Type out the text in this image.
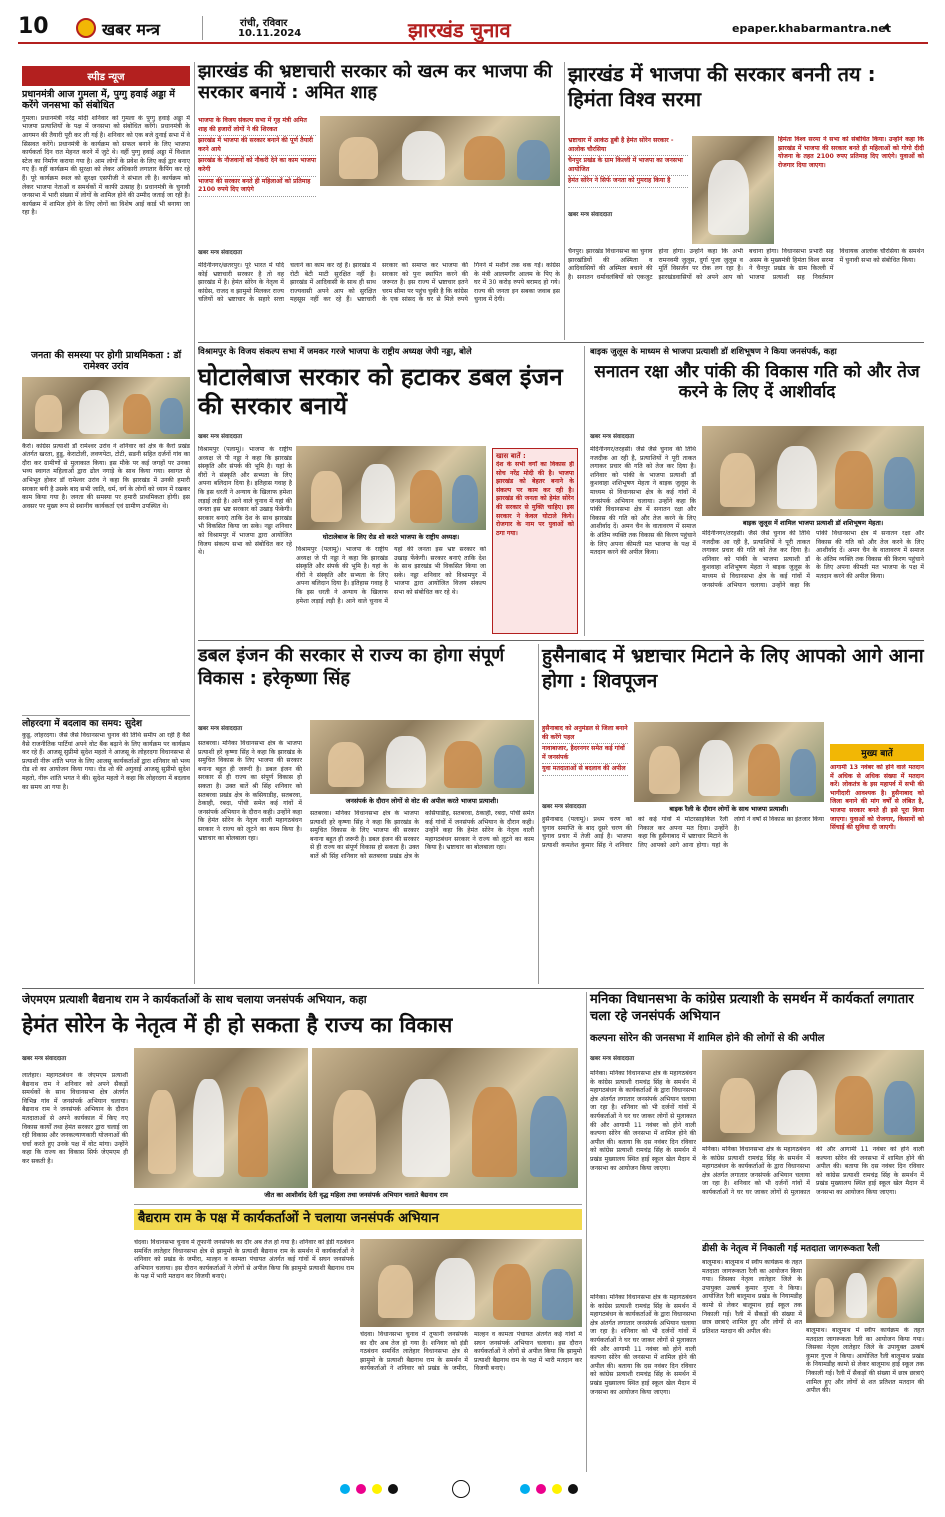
10	खबर मन्त्र	रांची, रविवार
10.11.2024	झारखंड चुनाव	epaper.khabarmantra.net
स्पीड न्यूज
प्रधानमंत्री आज गुमला में, पुग्गु हवाई अड्डा में करेंगे जनसभा को संबोधित
गुमला। प्रधानमंत्री नरेंद्र मोदी शनिवार को गुमला के पुग्गु हवाई अड्डा में भाजपा प्रत्याशियों के पक्ष में जनसभा को संबोधित करेंगे। प्रधानमंत्री के आगमन की तैयारी पूरी कर ली गई है। शनिवार को एक बजे दुनाई सभा में वे सिसवत करेंगे। प्रधानमंत्री के कार्यक्रम को सफल बनाने के लिए भाजपा कार्यकर्ता दिन रात मेहनत करने में जुटे थे। वहीं पुग्गु हवाई अड्डा में विशाल स्टेज का निर्माण कराया गया है। आम लोगों के प्रवेश के लिए कई द्वार बनाए गए हैं। वहीं कार्यक्रम की सुरक्षा को लेकर अधिकारी लगातार कैंपिंग कर रहे हैं। पूरे कार्यक्रम स्थल को सुरक्षा एसपीजी ने संभाल ली है। कार्यक्रम को लेकर भाजपा नेताओं व समर्थकों में काफी उत्साह है। प्रधानमंत्री के चुनावी जनसभा में भारी संख्या में लोगों के शामिल होने की उम्मीद जताई जा रही है। कार्यक्रम में शामिल होने के लिए लोगों का विशेष आई कार्ड भी बनाया जा रहा है।
जनता की समस्या पर होगी प्राथमिकता : डॉ रामेश्वर उरांव
कैरो। कांग्रेस प्रत्याशी डॉ रामेश्वर उरांव ने शनिवार को क्षेत्र के कैरो प्रखंड अंतर्गत खरता, हुडू, केराटोली, लवणपेटा, टोटी, सडनी सहित दर्जनों गांव का दौरा कर ग्रामीणों से मुलाकात किया। इस मौके पर कई जगहों पर उनका भव्य स्वागत महिलाओं द्वारा ढोल नगाड़े के साथ किया गया। स्वागत से अभिभूत होकर डॉ रामेश्वर उरांव ने कहा कि झारखंड में उनकी हमारी सरकार बनी है उसके बाद सभी जाति, धर्म, वर्ग के लोगों को ध्यान में रखकर काम किया गया है। जनता की समस्या पर हमारी प्राथमिकता होगी। इस अवसर पर मुख्य रूप से स्थानीय कार्यकर्ता एवं ग्रामीण उपस्थित थे।
लोहरदगा में बदलाव का समय: सुदेश
कुडू, लोहरदगा। जैसे जैसे विधानसभा चुनाव की तिथि समीप आ रही है वैसे वैसे राजनीतिक पार्टियां अपने वोट बैंक बढ़ाने के लिए कार्यक्रम पर कार्यक्रम कर रहे हैं। आजसू सुप्रीमो सुदेश महतो ने आजसू के लोहरदगा विधानसभा से प्रत्याशी नीरू शांति भगत के लिए आजसू कार्यकर्ताओं द्वारा शनिवार को भव्य रोड शो का आयोजन किया गया। रोड शो की अगुवाई आजसू सुप्रीमो सुदेश महतो, नीरू शांति भगत ने की। सुदेश महतो ने कहा कि लोहरदगा में बदलाव का समय आ गया है।
झारखंड की भ्रष्टाचारी सरकार को खत्म कर भाजपा की सरकार बनायें : अमित शाह
भाजपा के विजय संकल्प सभा में गृह मंत्री अमित शाह की हजारों लोगों ने की शिरकत
झारखंड में भाजपा की सरकार बनाने की पूर्ण तैयारी करने आये
झारखंड के नौजवानों को नौकरी देने का काम भाजपा करेगी
भाजपा की सरकार बनते ही महिलाओं को प्रतिमाह 2100 रुपये दिए जाएंगे
खबर मन्त्र संवाददाता
मेदिनीनगर/छतरपुर। पूरे भारत में यदि कोई भ्रष्टाचारी सरकार है तो वह झारखंड में है। हेमंत सोरेन के नेतृत्व में कांग्रेस, राजद व झामुमो मिलकर राज्य चलियों को भ्रष्टाचार के सहारे सत्ता चलाने का काम कर रहे हैं। झारखंड में रोटी बेटी माटी सुरक्षित नहीं है। झारखंड में आदिवासी के साथ ही साथ राज्यवासी अपने आप को सुरक्षित महसूस नहीं कर रहे हैं। भ्रष्टाचारी सरकार को समाप्त कर भाजपा की सरकार को पुनः स्थापित करने की जरूरत है। इस राज्य में भ्रष्टाचार इतने चरम सीमा पर पहुंच चुकी है कि कांग्रेस के एक सांसद के घर से मिले रुपये गिनने में मशीनें तक थक गईं। कांग्रेस के मंत्री आलमगीर आलम के पिए के घर में 30 करोड़ रुपये बरामद हो गये। राज्य की जनता इन सबका जवाब इस चुनाव में देगी।
झारखंड में भाजपा की सरकार बननी तय : हिमंता विश्व सरमा
भ्रष्टाचार में आकंठ डूबी है हेमंत सोरेन सरकार - आलोक चौरसिया
चैनपुर प्रखंड के ग्राम किल्ली में भाजपा का जनसभा आयोजित
हेमंत सोरेन ने सिर्फ जनता को गुमराह किया है
हिमंता विश्व सरमा ने सभा को संबोधित किया। उन्होंने कहा कि झारखंड में भाजपा की सरकार बनते ही महिलाओं को गोगो दीदी योजना के तहत 2100 रुपए प्रतिमाह दिए जाएंगे। युवाओं को रोजगार दिया जाएगा।
खबर मन्त्र संवाददाता
चैनपुर। झारखंड विधानसभा का चुनाव झारखंडियों की अस्मिता व आदिवासियों की अस्मिता बचाने की है। सनातन धर्मावलंबियों को एकजुट होना होगा। उन्होंने कहा कि अभी रामनवमी जुलूस, दुर्गा पूजा जुलूस व मूर्ति विसर्जन पर रोक लग रहा है। झारखंडवासियों को अपने आप को बचाना होगा। विधानसभा प्रभारी सह असम के मुख्यमंत्री हिमंता विश्व सरमा ने चैनपुर प्रखंड के ग्राम किल्ली में भाजपा प्रत्याशी सह निवर्तमान विधायक आलोक चौरसिया के समर्थन में चुनावी सभा को संबोधित किया।
विश्रामपुर के विजय संकल्प सभा में जमकर गरजे भाजपा के राष्ट्रीय अध्यक्ष जेपी नड्डा, बोले
घोटालेबाज सरकार को हटाकर डबल इंजन की सरकार बनायें
खबर मन्त्र संवाददाता
घोटालेबाज के लिए रोड शो करते भाजपा के राष्ट्रीय अध्यक्ष।
खास बातें :
देश के सभी वर्गों का विकास ही सोच नरेंद्र मोदी की है। भाजपा झारखंड को बेहतर बनाने के संकल्प पर काम कर रही है। झारखंड की जनता को हेमंत सोरेन की सरकार से मुक्ति चाहिए। इस सरकार ने केवल घोटाले किये। रोजगार के नाम पर युवाओं को ठगा गया।
विश्रामपुर (पलामू)। भाजपा के राष्ट्रीय अध्यक्ष जे पी नड्डा ने कहा कि झारखंड संस्कृति और संपर्क की भूमि है। यहां के वीरों ने संस्कृति और सभ्यता के लिए अपना बलिदान दिया है। इतिहास गवाह है कि इस धरती ने अन्याय के खिलाफ हमेशा लड़ाई लड़ी है। आने वाले चुनाव में यहां की जनता इस भ्रष्ट सरकार को उखाड़ फेंकेगी। सरकार बनाएं ताकि देश के साथ झारखंड भी विकसित किया जा सके। नड्डा शनिवार को विश्रामपुर में भाजपा द्वारा आयोजित विजय संकल्प सभा को संबोधित कर रहे थे।	विश्रामपुर (पलामू)। भाजपा के राष्ट्रीय अध्यक्ष जे पी नड्डा ने कहा कि झारखंड संस्कृति और संपर्क की भूमि है। यहां के वीरों ने संस्कृति और सभ्यता के लिए अपना बलिदान दिया है। इतिहास गवाह है कि इस धरती ने अन्याय के खिलाफ हमेशा लड़ाई लड़ी है। आने वाले चुनाव में यहां की जनता इस भ्रष्ट सरकार को उखाड़ फेंकेगी। सरकार बनाएं ताकि देश के साथ झारखंड भी विकसित किया जा सके। नड्डा शनिवार को विश्रामपुर में भाजपा द्वारा आयोजित विजय संकल्प सभा को संबोधित कर रहे थे।
बाइक जुलूस के माध्यम से भाजपा प्रत्याशी डॉ शशिभूषण ने किया जनसंपर्क, कहा
सनातन रक्षा और पांकी की विकास गति को और तेज करने के लिए दें आशीर्वाद
खबर मन्त्र संवाददाता
मेदिनीनगर/तरहसी। जैसे जैसे चुनाव की तिथि नजदीक आ रही है, प्रत्याशियों ने पूरी ताकत लगाकर प्रचार की गति को तेज कर दिया है। शनिवार को पांकी के भाजपा प्रत्याशी डॉ कुशवाहा शशिभूषण मेहता ने बाइक जुलूस के माध्यम से विधानसभा क्षेत्र के कई गांवों में जनसंपर्क अभियान चलाया। उन्होंने कहा कि पांकी विधानसभा क्षेत्र में सनातन रक्षा और विकास की गति को और तेज करने के लिए आशीर्वाद दें। अमन चैन के वातावरण में समाज के अंतिम व्यक्ति तक विकास की किरण पहुंचाने के लिए अपना कीमती मत भाजपा के पक्ष में मतदान करने की अपील किया।
बाइक जुलूस में शामिल भाजपा प्रत्याशी डॉ शशिभूषण मेहता।
मेदिनीनगर/तरहसी। जैसे जैसे चुनाव की तिथि नजदीक आ रही है, प्रत्याशियों ने पूरी ताकत लगाकर प्रचार की गति को तेज कर दिया है। शनिवार को पांकी के भाजपा प्रत्याशी डॉ कुशवाहा शशिभूषण मेहता ने बाइक जुलूस के माध्यम से विधानसभा क्षेत्र के कई गांवों में जनसंपर्क अभियान चलाया। उन्होंने कहा कि पांकी विधानसभा क्षेत्र में सनातन रक्षा और विकास की गति को और तेज करने के लिए आशीर्वाद दें। अमन चैन के वातावरण में समाज के अंतिम व्यक्ति तक विकास की किरण पहुंचाने के लिए अपना कीमती मत भाजपा के पक्ष में मतदान करने की अपील किया।
डबल इंजन की सरकार से राज्य का होगा संपूर्ण विकास : हरेकृष्णा सिंह
खबर मन्त्र संवाददाता
सतबरवा। मनिका विधानसभा क्षेत्र के भाजपा प्रत्याशी हरे कृष्णा सिंह ने कहा कि झारखंड के समुचित विकास के लिए भाजपा की सरकार बनाना बहुत ही जरूरी है। डबल इंजन की सरकार से ही राज्य का संपूर्ण विकास हो सकता है। उक्त बातें श्री सिंह शनिवार को सतबरवा प्रखंड क्षेत्र के कसियाडीह, सतबरवा, ठेकाही, रबदा, पोंची समेत कई गांवों में जनसंपर्क अभियान के दौरान कही। उन्होंने कहा कि हेमंत सोरेन के नेतृत्व वाली महागठबंधन सरकार ने राज्य को लूटने का काम किया है। भ्रष्टाचार का बोलबाला रहा।
जनसंपर्क के दौरान लोगों से वोट की अपील करते भाजपा प्रत्याशी।
सतबरवा। मनिका विधानसभा क्षेत्र के भाजपा प्रत्याशी हरे कृष्णा सिंह ने कहा कि झारखंड के समुचित विकास के लिए भाजपा की सरकार बनाना बहुत ही जरूरी है। डबल इंजन की सरकार से ही राज्य का संपूर्ण विकास हो सकता है। उक्त बातें श्री सिंह शनिवार को सतबरवा प्रखंड क्षेत्र के कसियाडीह, सतबरवा, ठेकाही, रबदा, पोंची समेत कई गांवों में जनसंपर्क अभियान के दौरान कही। उन्होंने कहा कि हेमंत सोरेन के नेतृत्व वाली महागठबंधन सरकार ने राज्य को लूटने का काम किया है। भ्रष्टाचार का बोलबाला रहा।
हुसैनाबाद में भ्रष्टाचार मिटाने के लिए आपको आगे आना होगा : शिवपूजन
हुसैनाबाद को अनुमंडल से जिला बनाने की करेंगे पहल
नावाबाजार, हैदरनगर समेत कई गांवों में जनसंपर्क
युवा मतदाताओं से बदलाव की अपील
बाइक रैली के दौरान लोगों के साथ भाजपा प्रत्याशी।
खबर मन्त्र संवाददाता
हुसैनाबाद (पलामू)। प्रथम चरण को चुनाव समाप्ति के बाद दूसरे चरण की चुनाव प्रचार में तेजी आई है। भाजपा प्रत्याशी कमलेश कुमार सिंह ने शनिवार को कई गांवों में मोटरसाइकिल रैली निकाल कर अपना मत दिया। उन्होंने कहा कि हुसैनाबाद में भ्रष्टाचार मिटाने के लिए आपको आगे आना होगा। यहां के लोगों ने वर्षों से विकास का इंतजार किया है।
मुख्य बातें
आगामी 13 नवंबर को होने वाले मतदान में अधिक से अधिक संख्या में मतदान करें। लोकतंत्र के इस महापर्व में सभी की भागीदारी आवश्यक है। हुसैनाबाद को जिला बनाने की मांग वर्षों से लंबित है, भाजपा सरकार बनते ही इसे पूरा किया जाएगा। युवाओं को रोजगार, किसानों को सिंचाई की सुविधा दी जाएगी।
जेएमएम प्रत्याशी बैद्यनाथ राम ने कार्यकर्ताओं के साथ चलाया जनसंपर्क अभियान, कहा
हेमंत सोरेन के नेतृत्व में ही हो सकता है राज्य का विकास
खबर मन्त्र संवाददाता
लातेहार। महागठबंधन के जेएमएम प्रत्याशी बैद्यनाथ राम ने शनिवार को अपने सैकड़ों समर्थकों के साथ विधानसभा क्षेत्र अंतर्गत विभिन्न गांव में जनसंपर्क अभियान चलाया। बैद्यनाथ राम ने जनसंपर्क अभियान के दौरान मतदाताओं से अपने कार्यकाल में किए गए विकास कार्यों तथा हेमंत सरकार द्वारा चलाई जा रही विकास और जनकल्याणकारी योजनाओं की चर्चा करते हुए उनके पक्ष में वोट मांगा। उन्होंने कहा कि राज्य का विकास सिर्फ जेएमएम ही कर सकती है।
जीत का आशीर्वाद देती वृद्ध महिला तथा जनसंपर्क अभियान चलाते बैद्यनाथ राम
बैद्यराम राम के पक्ष में कार्यकर्ताओं ने चलाया जनसंपर्क अभियान
चंदवा। विधानसभा चुनाव में तूफानी जनसंपर्क का दौर अब तेज हो गया है। शनिवार को इंडी गठबंधन समर्थित लातेहार विधानसभा क्षेत्र से झामुमो के प्रत्याशी बैद्यनाथ राम के समर्थन में कार्यकर्ताओं ने शनिवार को प्रखंड के जमीरा, माल्हन व कामता पंचायत अंतर्गत कई गांवों में सघन जनसंपर्क अभियान चलाया। इस दौरान कार्यकर्ताओं ने लोगों से अपील किया कि झामुमो प्रत्याशी बैद्यनाथ राम के पक्ष में भारी मतदान कर विजयी बनाएं।
चंदवा। विधानसभा चुनाव में तूफानी जनसंपर्क का दौर अब तेज हो गया है। शनिवार को इंडी गठबंधन समर्थित लातेहार विधानसभा क्षेत्र से झामुमो के प्रत्याशी बैद्यनाथ राम के समर्थन में कार्यकर्ताओं ने शनिवार को प्रखंड के जमीरा, माल्हन व कामता पंचायत अंतर्गत कई गांवों में सघन जनसंपर्क अभियान चलाया। इस दौरान कार्यकर्ताओं ने लोगों से अपील किया कि झामुमो प्रत्याशी बैद्यनाथ राम के पक्ष में भारी मतदान कर विजयी बनाएं।
मनिका विधानसभा के कांग्रेस प्रत्याशी के समर्थन में कार्यकर्ता लगातार चला रहे जनसंपर्क अभियान
कल्पना सोरेन की जनसभा में शामिल होने की लोगों से की अपील
खबर मन्त्र संवाददाता
मनिका। मनिका विधानसभा क्षेत्र के महागठबंधन के कांग्रेस प्रत्याशी रामचंद्र सिंह के समर्थन में महागठबंधन के कार्यकर्ताओं के द्वारा विधानसभा क्षेत्र अंतर्गत लगातार जनसंपर्क अभियान चलाया जा रहा है। शनिवार को भी दर्जनों गांवों में कार्यकर्ताओं ने घर घर जाकर लोगों से मुलाकात की और आगामी 11 नवंबर को होने वाली कल्पना सोरेन की जनसभा में शामिल होने की अपील की। बताया कि दस नवंबर दिन रविवार को कांग्रेस प्रत्याशी रामचंद्र सिंह के समर्थन में प्रखंड मुख्यालय स्थित हाई स्कूल खेल मैदान में जनसभा का आयोजन किया जाएगा।
मनिका। मनिका विधानसभा क्षेत्र के महागठबंधन के कांग्रेस प्रत्याशी रामचंद्र सिंह के समर्थन में महागठबंधन के कार्यकर्ताओं के द्वारा विधानसभा क्षेत्र अंतर्गत लगातार जनसंपर्क अभियान चलाया जा रहा है। शनिवार को भी दर्जनों गांवों में कार्यकर्ताओं ने घर घर जाकर लोगों से मुलाकात की और आगामी 11 नवंबर को होने वाली कल्पना सोरेन की जनसभा में शामिल होने की अपील की। बताया कि दस नवंबर दिन रविवार को कांग्रेस प्रत्याशी रामचंद्र सिंह के समर्थन में प्रखंड मुख्यालय स्थित हाई स्कूल खेल मैदान में जनसभा का आयोजन किया जाएगा।
डीसी के नेतृत्व में निकाली गई मतदाता जागरूकता रैली
बालूमाथ। बालूमाथ में स्वीप कार्यक्रम के तहत मतदाता जागरूकता रैली का आयोजन किया गया। जिसका नेतृत्व लातेहार जिले के उपायुक्त उत्कर्ष कुमार गुप्ता ने किया। आयोजित रैली बालूमाथ प्रखंड के नियामडीह कामो से लेकर बालूमाथ हाई स्कूल तक निकाली गई। रैली में सैकड़ों की संख्या में छात्र छात्राएं शामिल हुए और लोगों से शत प्रतिशत मतदान की अपील की।	बालूमाथ। बालूमाथ में स्वीप कार्यक्रम के तहत मतदाता जागरूकता रैली का आयोजन किया गया। जिसका नेतृत्व लातेहार जिले के उपायुक्त उत्कर्ष कुमार गुप्ता ने किया। आयोजित रैली बालूमाथ प्रखंड के नियामडीह कामो से लेकर बालूमाथ हाई स्कूल तक निकाली गई। रैली में सैकड़ों की संख्या में छात्र छात्राएं शामिल हुए और लोगों से शत प्रतिशत मतदान की अपील की।
मनिका। मनिका विधानसभा क्षेत्र के महागठबंधन के कांग्रेस प्रत्याशी रामचंद्र सिंह के समर्थन में महागठबंधन के कार्यकर्ताओं के द्वारा विधानसभा क्षेत्र अंतर्गत लगातार जनसंपर्क अभियान चलाया जा रहा है। शनिवार को भी दर्जनों गांवों में कार्यकर्ताओं ने घर घर जाकर लोगों से मुलाकात की और आगामी 11 नवंबर को होने वाली कल्पना सोरेन की जनसभा में शामिल होने की अपील की। बताया कि दस नवंबर दिन रविवार को कांग्रेस प्रत्याशी रामचंद्र सिंह के समर्थन में प्रखंड मुख्यालय स्थित हाई स्कूल खेल मैदान में जनसभा का आयोजन किया जाएगा।
